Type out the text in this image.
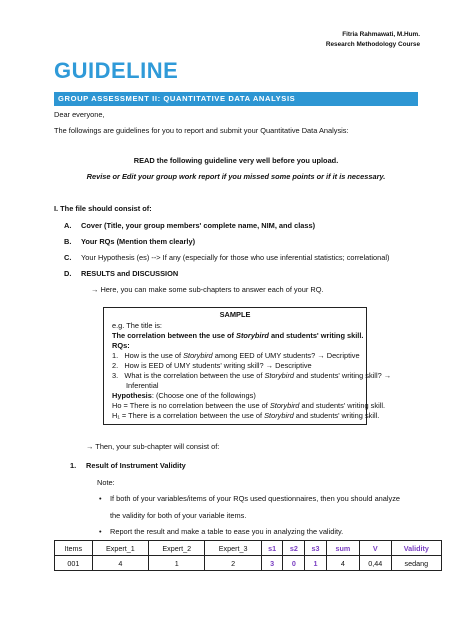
Fitria Rahmawati, M.Hum.
Research Methodology Course
GUIDELINE
GROUP ASSESSMENT II: QUANTITATIVE DATA ANALYSIS
Dear everyone,
The followings are guidelines for you to report and submit your Quantitative Data Analysis:
READ the following guideline very well before you upload.
Revise or Edit your group work report if you missed some points or if it is necessary.
I. The file should consist of:
A. Cover (Title, your group members' complete name, NIM, and class)
B. Your RQs (Mention them clearly)
C. Your Hypothesis (es) --> If any (especially for those who use inferential statistics; correlational)
D. RESULTS and DISCUSSION
→ Here, you can make some sub-chapters to answer each of your RQ.
SAMPLE
e.g. The title is:
The correlation between the use of Storybird and students' writing skill.
RQs:
1. How is the use of Storybird among EED of UMY students? → Decriptive
2. How is EED of UMY students' writing skill? → Descriptive
3. What is the correlation between the use of Storybird and students' writing skill? →
Inferential
Hypothesis: (Choose one of the followings)
Ho = There is no correlation between the use of Storybird and students' writing skill.
H₁ = There is a correlation between the use of Storybird and students' writing skill.
→ Then, your sub-chapter will consist of:
1. Result of Instrument Validity
Note:
• If both of your variables/items of your RQs used questionnaires, then you should analyze
the validity for both of your variable items.
• Report the result and make a table to ease you in analyzing the validity.
Items	Expert_1	Expert_2	Expert_3	s1	s2	s3	sum	V	Validity
001	4	1	2	3	0	1	4	0,44	sedang
